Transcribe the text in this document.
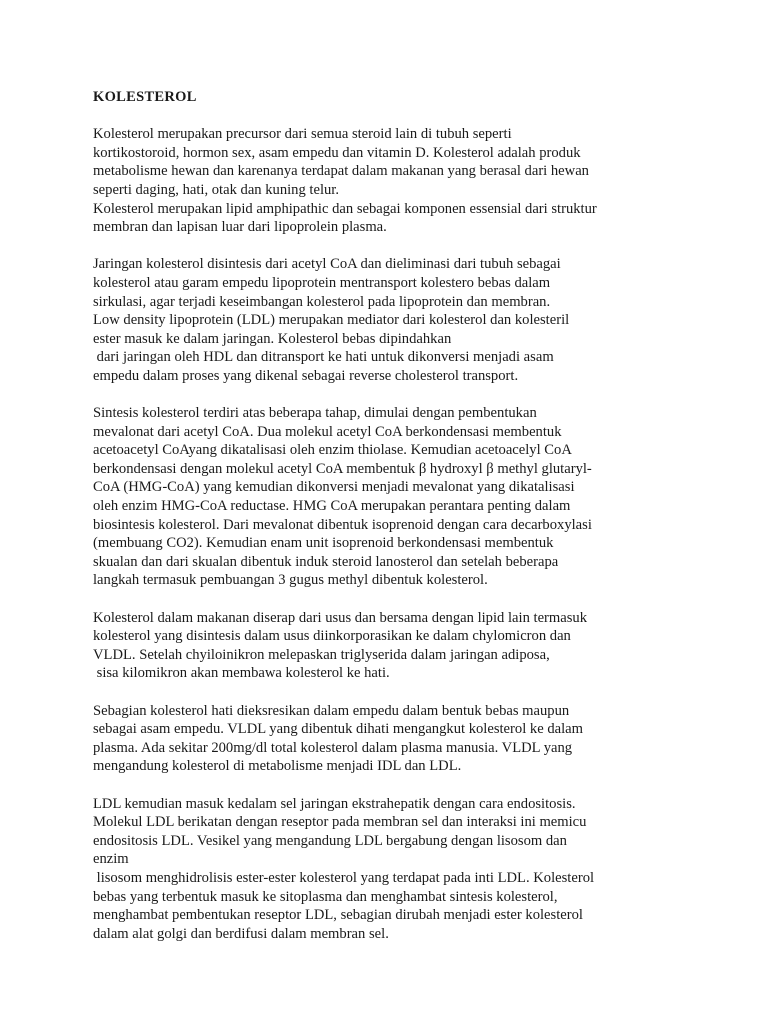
KOLESTEROL
Kolesterol merupakan precursor dari semua steroid lain di tubuh seperti
kortikostoroid, hormon sex, asam empedu dan vitamin D. Kolesterol adalah produk
metabolisme hewan dan karenanya terdapat dalam makanan yang berasal dari hewan
seperti daging, hati, otak dan kuning telur.
Kolesterol merupakan lipid amphipathic dan sebagai komponen essensial dari struktur
membran dan lapisan luar dari lipoprolein plasma.
Jaringan kolesterol disintesis dari acetyl CoA dan dieliminasi dari tubuh sebagai
kolesterol atau garam empedu lipoprotein mentransport kolestero bebas dalam
sirkulasi, agar terjadi keseimbangan kolesterol pada lipoprotein dan membran.
Low density lipoprotein (LDL) merupakan mediator dari kolesterol dan kolesteril
ester masuk ke dalam jaringan. Kolesterol bebas dipindahkan
dari jaringan oleh HDL dan ditransport ke hati untuk dikonversi menjadi asam
empedu dalam proses yang dikenal sebagai reverse cholesterol transport.
Sintesis kolesterol terdiri atas beberapa tahap, dimulai dengan pembentukan
mevalonat dari acetyl CoA. Dua molekul acetyl CoA berkondensasi membentuk
acetoacetyl CoAyang dikatalisasi oleh enzim thiolase. Kemudian acetoacelyl CoA
berkondensasi dengan molekul acetyl CoA membentuk β hydroxyl β methyl glutaryl-
CoA (HMG-CoA) yang kemudian dikonversi menjadi mevalonat yang dikatalisasi
oleh enzim HMG-CoA reductase. HMG CoA merupakan perantara penting dalam
biosintesis kolesterol. Dari mevalonat dibentuk isoprenoid dengan cara decarboxylasi
(membuang CO2). Kemudian enam unit isoprenoid berkondensasi membentuk
skualan dan dari skualan dibentuk induk steroid lanosterol dan setelah beberapa
langkah termasuk pembuangan 3 gugus methyl dibentuk kolesterol.
Kolesterol dalam makanan diserap dari usus dan bersama dengan lipid lain termasuk
kolesterol yang disintesis dalam usus diinkorporasikan ke dalam chylomicron dan
VLDL. Setelah chyiloinikron melepaskan triglyserida dalam jaringan adiposa,
sisa kilomikron akan membawa kolesterol ke hati.
Sebagian kolesterol hati dieksresikan dalam empedu dalam bentuk bebas maupun
sebagai asam empedu. VLDL yang dibentuk dihati mengangkut kolesterol ke dalam
plasma. Ada sekitar 200mg/dl total kolesterol dalam plasma manusia. VLDL yang
mengandung kolesterol di metabolisme menjadi IDL dan LDL.
LDL kemudian masuk kedalam sel jaringan ekstrahepatik dengan cara endositosis.
Molekul LDL berikatan dengan reseptor pada membran sel dan interaksi ini memicu
endositosis LDL. Vesikel yang mengandung LDL bergabung dengan lisosom dan
enzim
lisosom menghidrolisis ester-ester kolesterol yang terdapat pada inti LDL. Kolesterol
bebas yang terbentuk masuk ke sitoplasma dan menghambat sintesis kolesterol,
menghambat pembentukan reseptor LDL, sebagian dirubah menjadi ester kolesterol
dalam alat golgi dan berdifusi dalam membran sel.
